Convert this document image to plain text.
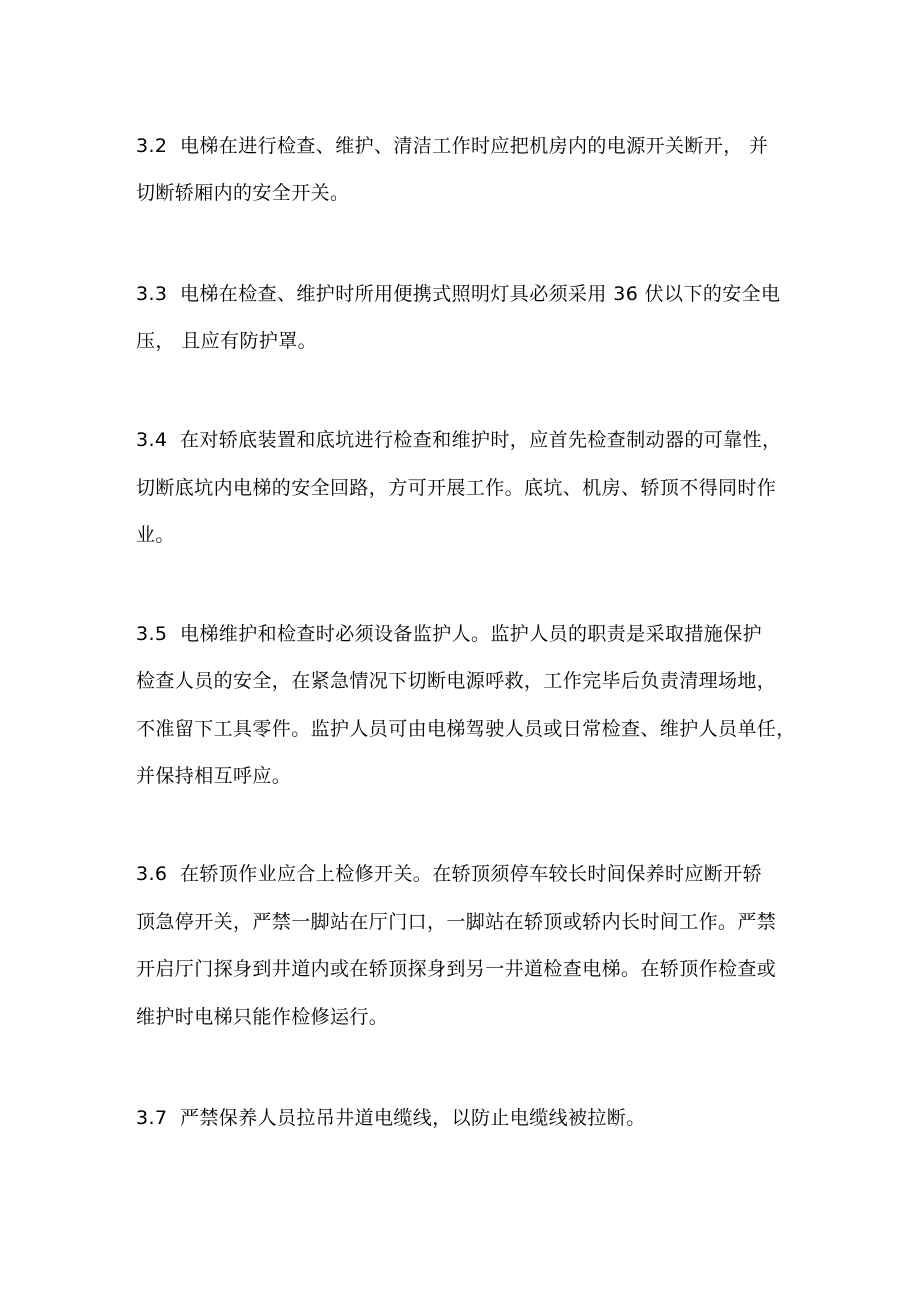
3.2 电梯在进行检查、维护、清洁工作时应把机房内的电源开关断开， 并
切断轿厢内的安全开关。
3.3 电梯在检查、维护时所用便携式照明灯具必须采用 36 伏以下的安全电
压， 且应有防护罩。
3.4 在对轿底装置和底坑进行检查和维护时，应首先检查制动器的可靠性，
切断底坑内电梯的安全回路，方可开展工作。底坑、机房、轿顶不得同时作
业。
3.5 电梯维护和检查时必须设备监护人。监护人员的职责是采取措施保护
检查人员的安全，在紧急情况下切断电源呼救，工作完毕后负责清理场地，
不准留下工具零件。监护人员可由电梯驾驶人员或日常检查、维护人员单任，
并保持相互呼应。
3.6 在轿顶作业应合上检修开关。在轿顶须停车较长时间保养时应断开轿
顶急停开关，严禁一脚站在厅门口，一脚站在轿顶或轿内长时间工作。严禁
开启厅门探身到井道内或在轿顶探身到另一井道检查电梯。在轿顶作检查或
维护时电梯只能作检修运行。
3.7 严禁保养人员拉吊井道电缆线，以防止电缆线被拉断。
